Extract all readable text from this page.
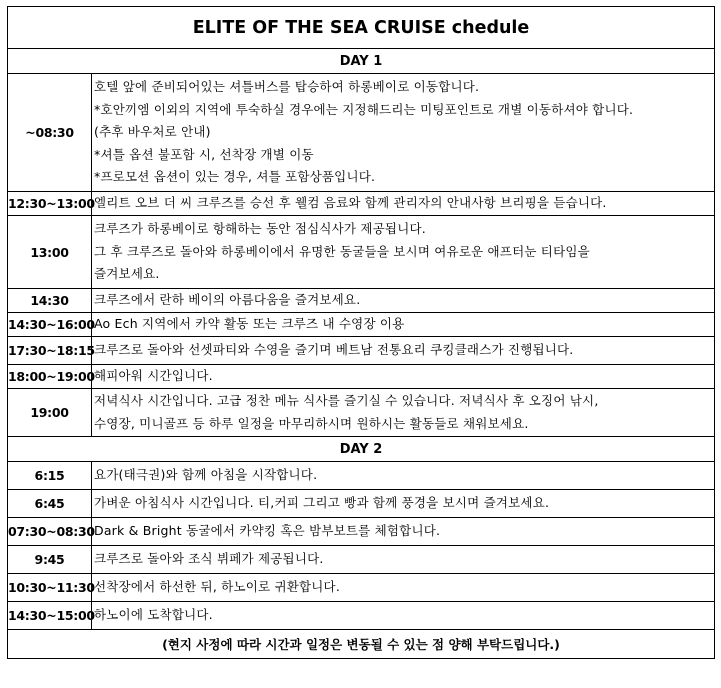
ELITE OF THE SEA CRUISE chedule	
DAY 1	
~08:30	호텔 앞에 준비되어있는 셔틀버스를 탑승하여 하롱베이로 이동합니다.
*호안끼엠 이외의 지역에 투숙하실 경우에는 지정해드리는 미팅포인트로 개별 이동하셔야 합니다.
(추후 바우처로 안내)
*셔틀 옵션 불포함 시, 선착장 개별 이동
*프로모션 옵션이 있는 경우, 셔틀 포함상품입니다.

12:30~13:00	엘리트 오브 더 씨 크루즈를 승선 후 웰컴 음료와 함께 관리자의 안내사항 브리핑을 듣습니다.

13:00	크루즈가 하롱베이로 항해하는 동안 점심식사가 제공됩니다.
그 후 크루즈로 돌아와 하롱베이에서 유명한 동굴들을 보시며 여유로운 애프터눈 티타임을
즐겨보세요.

14:30	크루즈에서 란하 베이의 아름다움을 즐겨보세요.

14:30~16:00	Ao Ech 지역에서 카약 활동 또는 크루즈 내 수영장 이용

17:30~18:15	크루즈로 돌아와 선셋파티와 수영을 즐기며 베트남 전통요리 쿠킹클래스가 진행됩니다.

18:00~19:00	해피아워 시간입니다.

19:00	저녁식사 시간입니다. 고급 정찬 메뉴 식사를 즐기실 수 있습니다. 저녁식사 후 오징어 낚시,
수영장, 미니골프 등 하루 일정을 마무리하시며 원하시는 활동들로 채워보세요.

DAY 2	
6:15	요가(태극권)와 함께 아침을 시작합니다.

6:45	가벼운 아침식사 시간입니다. 티,커피 그리고 빵과 함께 풍경을 보시며 즐겨보세요.

07:30~08:30	Dark & Bright 동굴에서 카약킹 혹은 밤부보트를 체험합니다.

9:45	크루즈로 돌아와 조식 뷔페가 제공됩니다.

10:30~11:30	선착장에서 하선한 뒤, 하노이로 귀환합니다.

14:30~15:00	하노이에 도착합니다.

(현지 사정에 따라 시간과 일정은 변동될 수 있는 점 양해 부탁드립니다.)	
